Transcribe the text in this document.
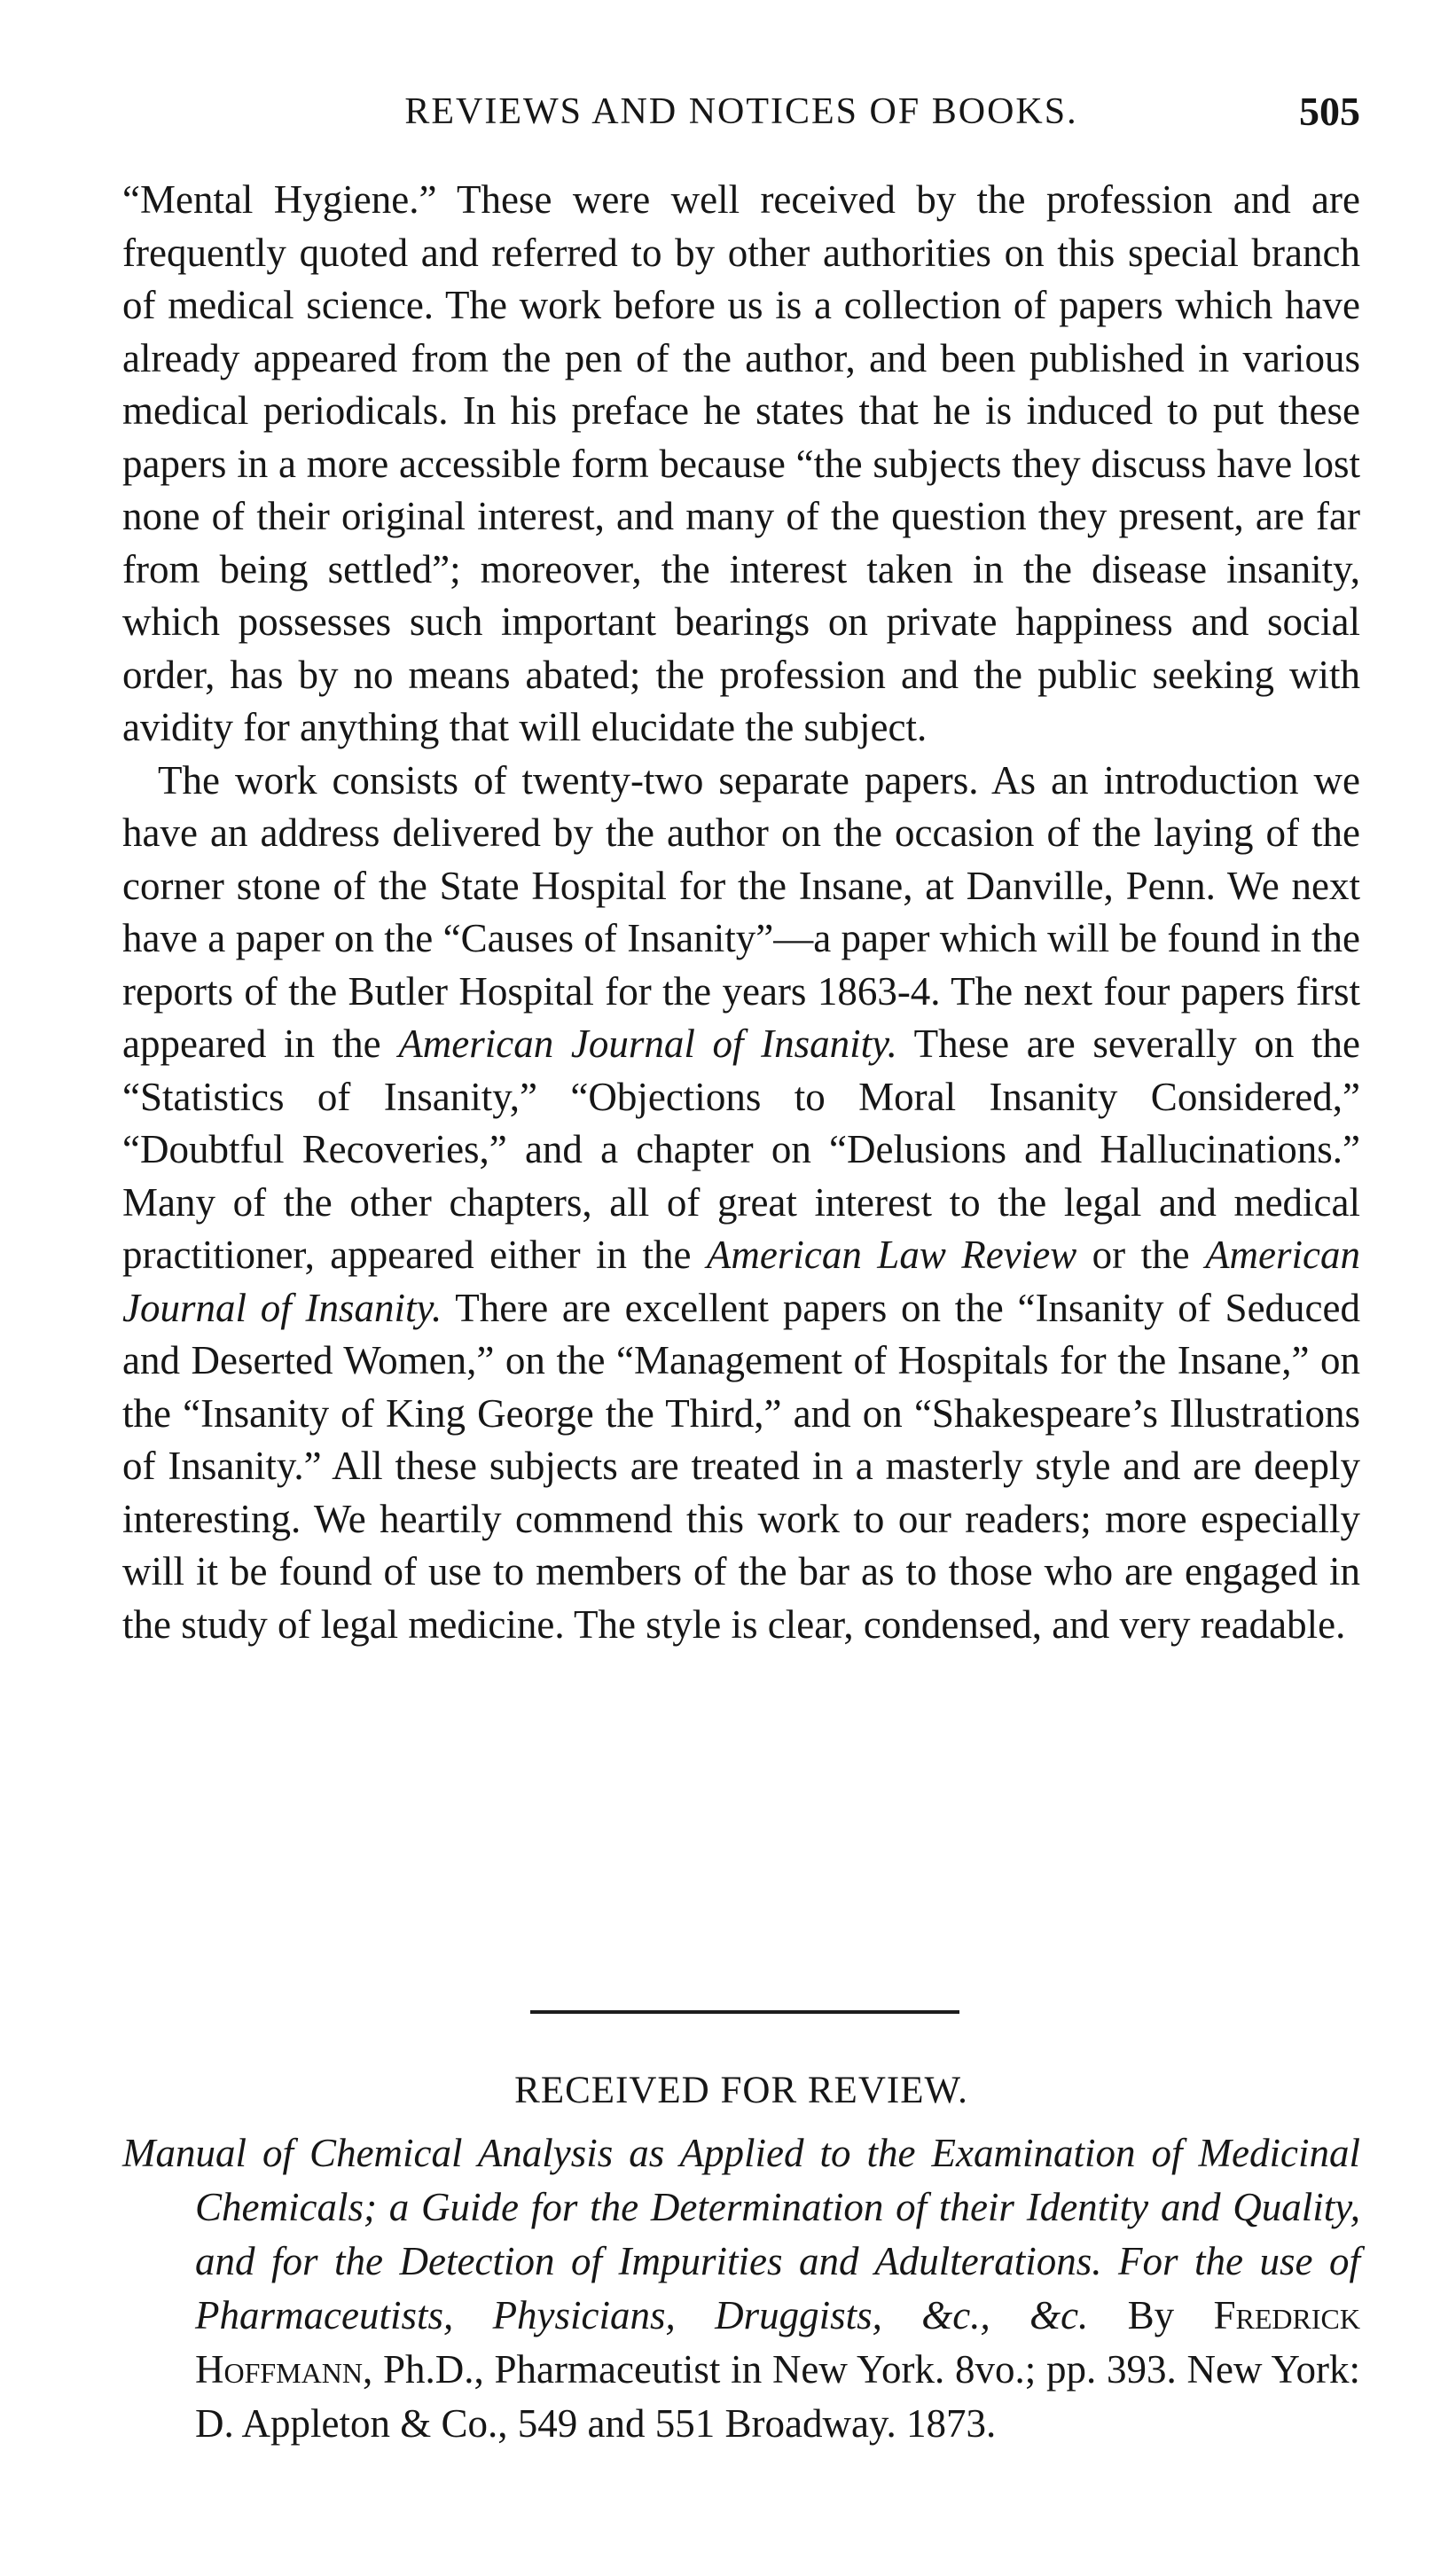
REVIEWS AND NOTICES OF BOOKS.	505

“Mental Hygiene.” These were well received by the profession and are frequently quoted and referred to by other authorities on this special branch of medical science. The work before us is a collection of papers which have already appeared from the pen of the author, and been published in various medical periodicals. In his preface he states that he is induced to put these papers in a more accessible form because “the subjects they discuss have lost none of their original interest, and many of the question they present, are far from being settled”; moreover, the interest taken in the disease insanity, which possesses such important bearings on private happiness and social order, has by no means abated; the profession and the public seeking with avidity for anything that will elucidate the subject.

The work consists of twenty-two separate papers. As an introduction we have an address delivered by the author on the occasion of the laying of the corner stone of the State Hospital for the Insane, at Danville, Penn. We next have a paper on the “Causes of Insanity”—a paper which will be found in the reports of the Butler Hospital for the years 1863-4. The next four papers first appeared in the American Journal of Insanity. These are severally on the “Statistics of Insanity,” “Objections to Moral Insanity Considered,” “Doubtful Recoveries,” and a chapter on “Delusions and Hallucinations.” Many of the other chapters, all of great interest to the legal and medical practitioner, appeared either in the American Law Review or the American Journal of Insanity. There are excellent papers on the “Insanity of Seduced and Deserted Women,” on the “Management of Hospitals for the Insane,” on the “Insanity of King George the Third,” and on “Shakespeare’s Illustrations of Insanity.” All these subjects are treated in a masterly style and are deeply interesting. We heartily commend this work to our readers; more especially will it be found of use to members of the bar as to those who are engaged in the study of legal medicine. The style is clear, condensed, and very readable.

RECEIVED FOR REVIEW.
Manual of Chemical Analysis as Applied to the Examination of Medicinal Chemicals; a Guide for the Determination of their Identity and Quality, and for the Detection of Impurities and Adulterations. For the use of Pharmaceutists, Physicians, Druggists, &c., &c. By Fredrick Hoffmann, Ph.D., Pharmaceutist in New York. 8vo.; pp. 393. New York: D. Appleton & Co., 549 and 551 Broadway. 1873.
